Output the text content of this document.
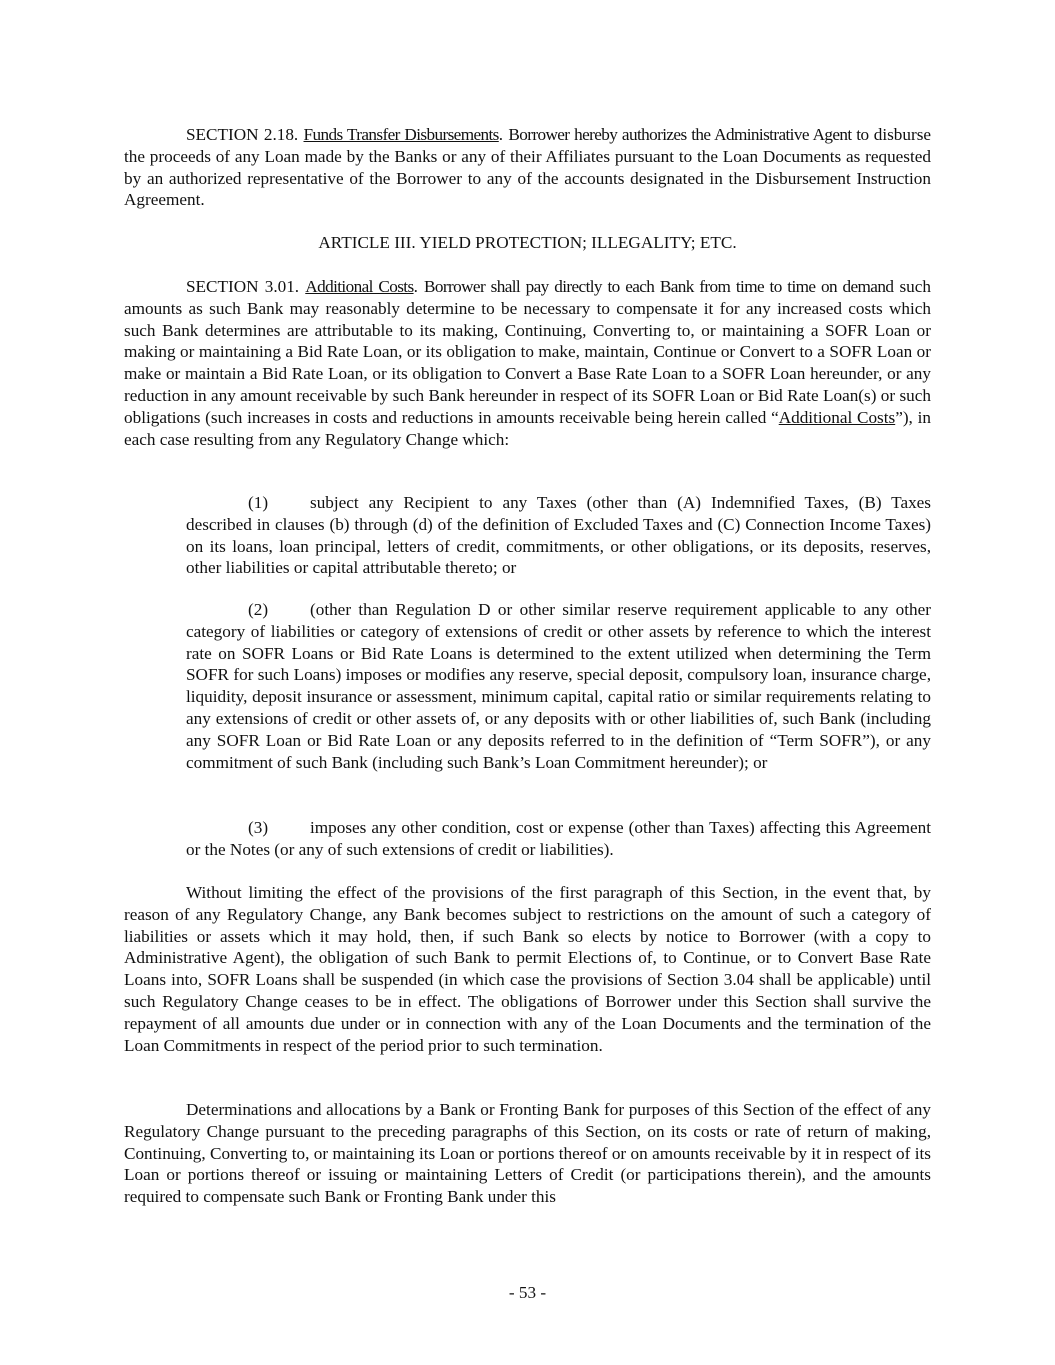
SECTION 2.18. Funds Transfer Disbursements. Borrower hereby authorizes the Administrative Agent to disburse the proceeds of any Loan made by the Banks or any of their Affiliates pursuant to the Loan Documents as requested by an authorized representative of the Borrower to any of the accounts designated in the Disbursement Instruction Agreement.

ARTICLE III. YIELD PROTECTION; ILLEGALITY; ETC.

SECTION 3.01. Additional Costs. Borrower shall pay directly to each Bank from time to time on demand such amounts as such Bank may reasonably determine to be necessary to compensate it for any increased costs which such Bank determines are attributable to its making, Continuing, Converting to, or maintaining a SOFR Loan or making or maintaining a Bid Rate Loan, or its obligation to make, maintain, Continue or Convert to a SOFR Loan or make or maintain a Bid Rate Loan, or its obligation to Convert a Base Rate Loan to a SOFR Loan hereunder, or any reduction in any amount receivable by such Bank hereunder in respect of its SOFR Loan or Bid Rate Loan(s) or such obligations (such increases in costs and reductions in amounts receivable being herein called “Additional Costs”), in each case resulting from any Regulatory Change which:

(1) subject any Recipient to any Taxes (other than (A) Indemnified Taxes, (B) Taxes described in clauses (b) through (d) of the definition of Excluded Taxes and (C) Connection Income Taxes) on its loans, loan principal, letters of credit, commitments, or other obligations, or its deposits, reserves, other liabilities or capital attributable thereto; or

(2) (other than Regulation D or other similar reserve requirement applicable to any other category of liabilities or category of extensions of credit or other assets by reference to which the interest rate on SOFR Loans or Bid Rate Loans is determined to the extent utilized when determining the Term SOFR for such Loans) imposes or modifies any reserve, special deposit, compulsory loan, insurance charge, liquidity, deposit insurance or assessment, minimum capital, capital ratio or similar requirements relating to any extensions of credit or other assets of, or any deposits with or other liabilities of, such Bank (including any SOFR Loan or Bid Rate Loan or any deposits referred to in the definition of “Term SOFR”), or any commitment of such Bank (including such Bank’s Loan Commitment hereunder); or

(3) imposes any other condition, cost or expense (other than Taxes) affecting this Agreement or the Notes (or any of such extensions of credit or liabilities).

Without limiting the effect of the provisions of the first paragraph of this Section, in the event that, by reason of any Regulatory Change, any Bank becomes subject to restrictions on the amount of such a category of liabilities or assets which it may hold, then, if such Bank so elects by notice to Borrower (with a copy to Administrative Agent), the obligation of such Bank to permit Elections of, to Continue, or to Convert Base Rate Loans into, SOFR Loans shall be suspended (in which case the provisions of Section 3.04 shall be applicable) until such Regulatory Change ceases to be in effect. The obligations of Borrower under this Section shall survive the repayment of all amounts due under or in connection with any of the Loan Documents and the termination of the Loan Commitments in respect of the period prior to such termination.

Determinations and allocations by a Bank or Fronting Bank for purposes of this Section of the effect of any Regulatory Change pursuant to the preceding paragraphs of this Section, on its costs or rate of return of making, Continuing, Converting to, or maintaining its Loan or portions thereof or on amounts receivable by it in respect of its Loan or portions thereof or issuing or maintaining Letters of Credit (or participations therein), and the amounts required to compensate such Bank or Fronting Bank under this

- 53 -
